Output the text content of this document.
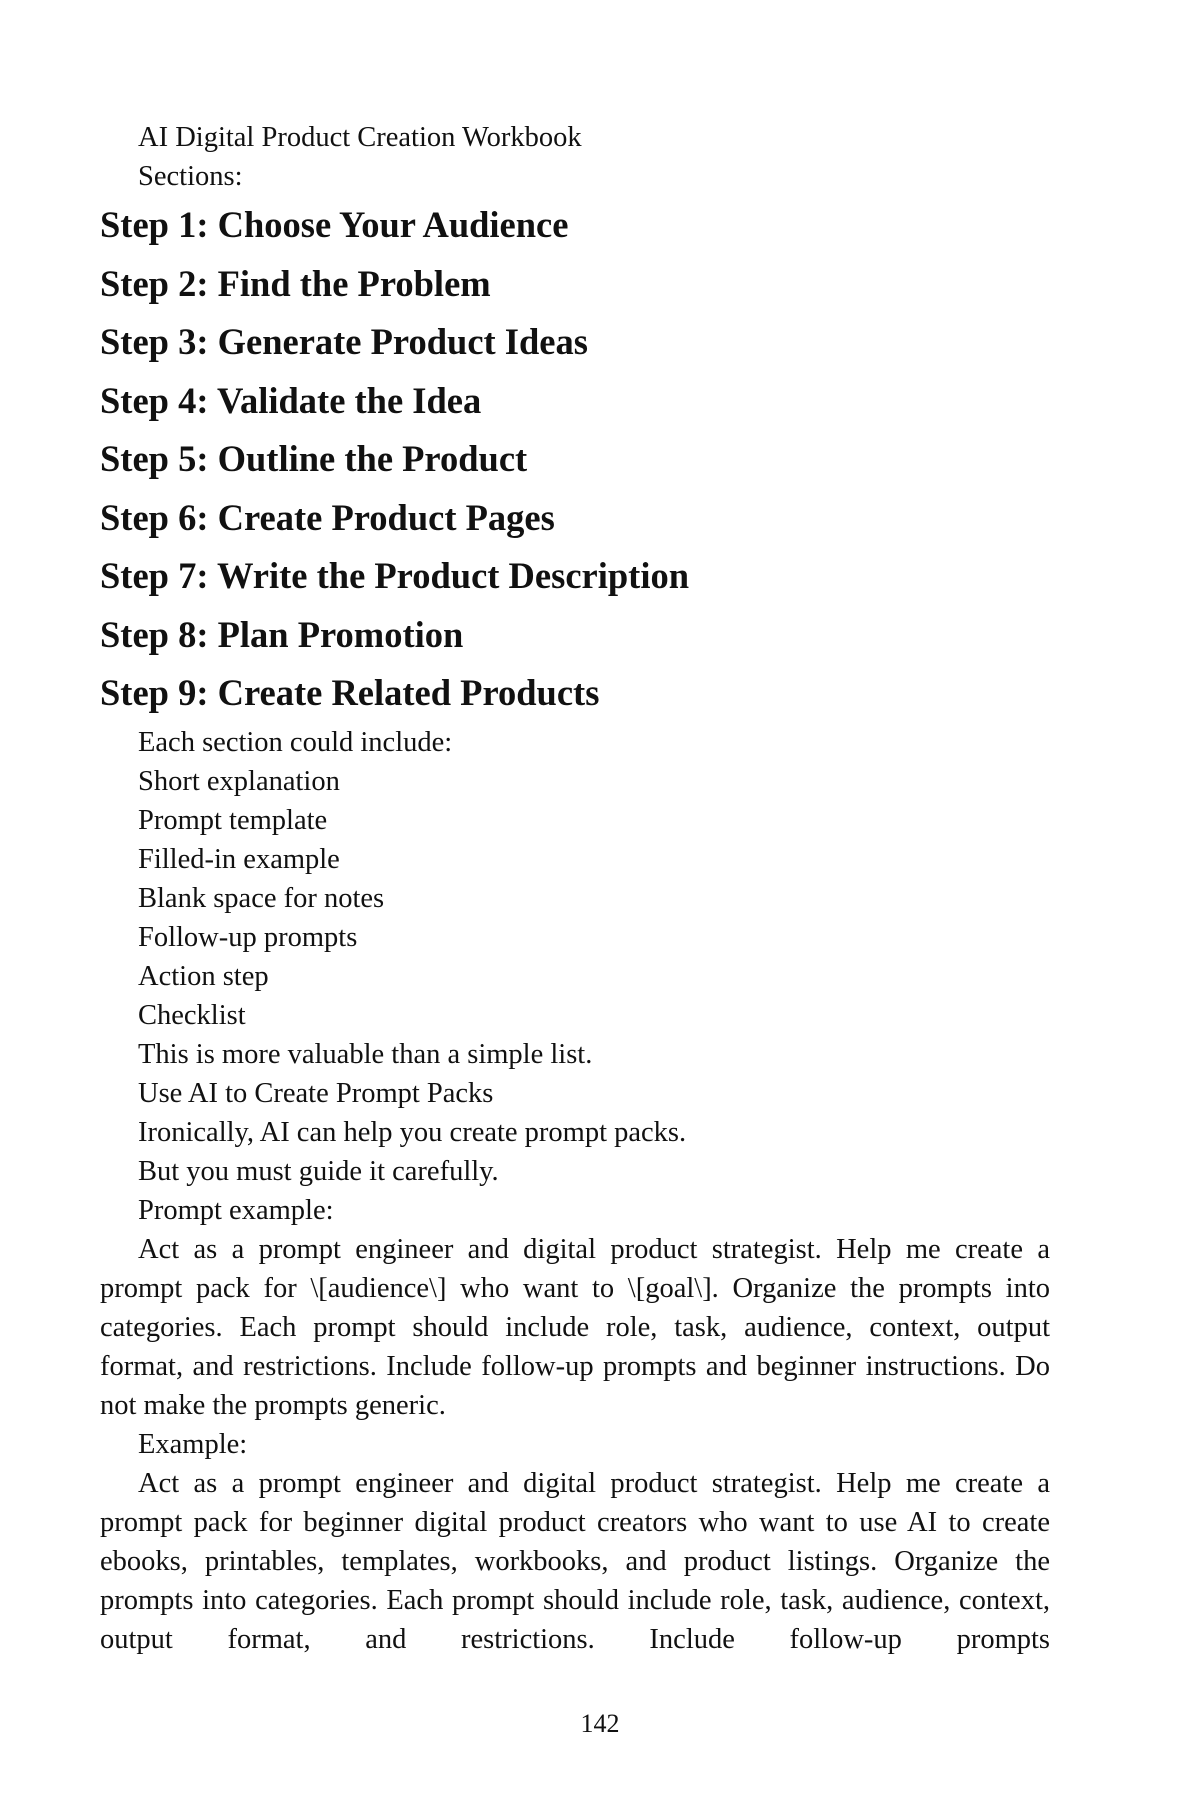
AI Digital Product Creation Workbook

Sections:

Step 1: Choose Your Audience
Step 2: Find the Problem
Step 3: Generate Product Ideas
Step 4: Validate the Idea
Step 5: Outline the Product
Step 6: Create Product Pages
Step 7: Write the Product Description
Step 8: Plan Promotion
Step 9: Create Related Products

Each section could include:

Short explanation

Prompt template

Filled-in example

Blank space for notes

Follow-up prompts

Action step

Checklist

This is more valuable than a simple list.

Use AI to Create Prompt Packs

Ironically, AI can help you create prompt packs.

But you must guide it carefully.

Prompt example:

Act as a prompt engineer and digital product strategist. Help me create a prompt pack for \[audience\] who want to \[goal\]. Organize the prompts into categories. Each prompt should include role, task, audience, context, output format, and restrictions. Include follow-up prompts and beginner instructions. Do not make the prompts generic.

Example:

Act as a prompt engineer and digital product strategist. Help me create a prompt pack for beginner digital product creators who want to use AI to create ebooks, printables, templates, workbooks, and product listings. Organize the prompts into categories. Each prompt should include role, task, audience, context, output format, and restrictions. Include follow-up prompts

142
